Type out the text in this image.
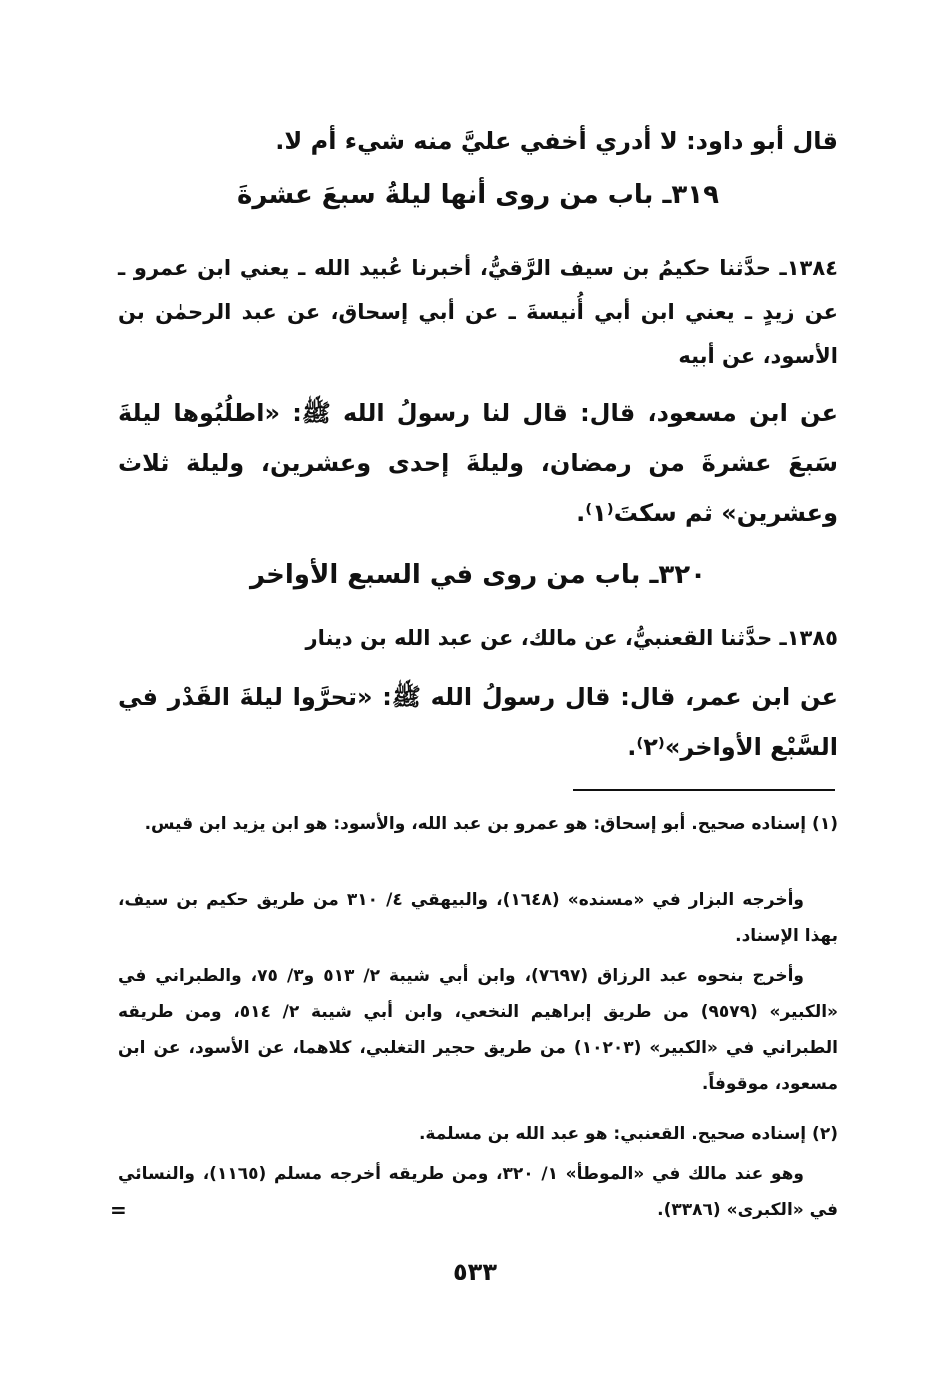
قال أبو داود: لا أدري أخفي عليَّ منه شيء أم لا.
٣١٩ـ باب من روى أنها ليلةُ سبعَ عشرةَ
١٣٨٤ـ حدَّثنا حكيمُ بن سيف الرَّقيُّ، أخبرنا عُبيد الله ـ يعني ابن عمرو ـ عن زيدٍ ـ يعني ابن أبي أُنيسةَ ـ عن أبي إسحاق، عن عبد الرحمٰن بن الأسود، عن أبيه
عن ابن مسعود، قال: قال لنا رسولُ الله ﷺ: «اطلُبُوها ليلةَ سَبعَ عشرةَ من رمضان، وليلةَ إحدى وعشرين، وليلة ثلاث وعشرين» ثم سكتَ⁽١⁾.
٣٢٠ـ باب من روى في السبع الأواخر
١٣٨٥ـ حدَّثنا القعنبيُّ، عن مالك، عن عبد الله بن دينار
عن ابن عمر، قال: قال رسولُ الله ﷺ: «تحرَّوا ليلةَ القَدْر في السَّبْع الأواخر»⁽٢⁾.
(١) إسناده صحيح. أبو إسحاق: هو عمرو بن عبد الله، والأسود: هو ابن يزيد ابن قيس.
وأخرجه البزار في «مسنده» (١٦٤٨)، والبيهقي ٤/ ٣١٠ من طريق حكيم بن سيف، بهذا الإسناد.
وأخرج بنحوه عبد الرزاق (٧٦٩٧)، وابن أبي شيبة ٢/ ٥١٣ و٣/ ٧٥، والطبراني في «الكبير» (٩٥٧٩) من طريق إبراهيم النخعي، وابن أبي شيبة ٢/ ٥١٤، ومن طريقه الطبراني في «الكبير» (١٠٢٠٣) من طريق حجير التغلبي، كلاهما، عن الأسود، عن ابن مسعود، موقوفاً.
(٢) إسناده صحيح. القعنبي: هو عبد الله بن مسلمة.
وهو عند مالك في «الموطأ» ١/ ٣٢٠، ومن طريقه أخرجه مسلم (١١٦٥)، والنسائي في «الكبرى» (٣٣٨٦).
=
٥٣٣
